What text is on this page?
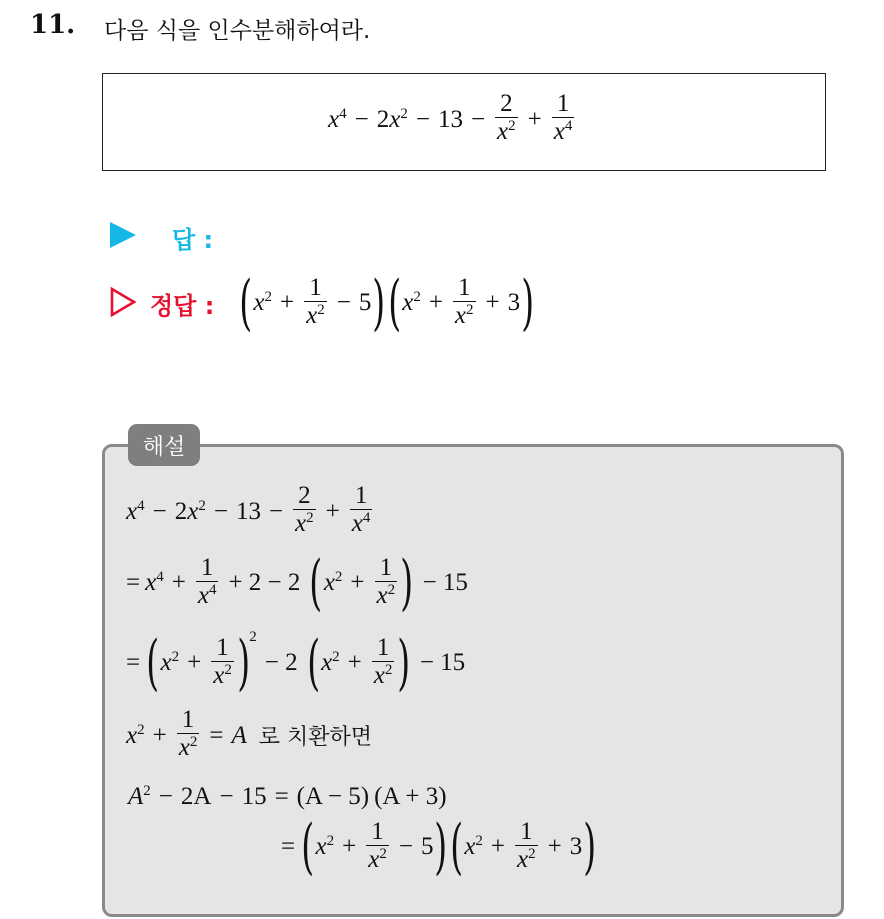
11. 다음 식을 인수분해하여라.
$x^4 - 2x^2 - 13 - \frac{2}{x^2} + \frac{1}{x^4}$
답 :
정답 : ( $x^2 + \frac{1}{x^2} - 5$ ) ( $x^2 + \frac{1}{x^2} + 3$ )
해설
$x^4 - 2x^2 - 13 - \frac{2}{x^2} + \frac{1}{x^4}$
= $x^4 + \frac{1}{x^4} + 2 - 2$ ( $x^2 + \frac{1}{x^2}$ ) − 15
= ( $x^2 + \frac{1}{x^2}$ ) 2
− 2 ( $x^2 + \frac{1}{x^2}$ ) − 15
$x^2 + \frac{1}{x^2} = A$ 로 치환하면
$A^2 - 2A - 15 = (A - 5) (A + 3)$
= ( $x^2 + \frac{1}{x^2} - 5$ ) ( $x^2 + \frac{1}{x^2} + 3$ )
